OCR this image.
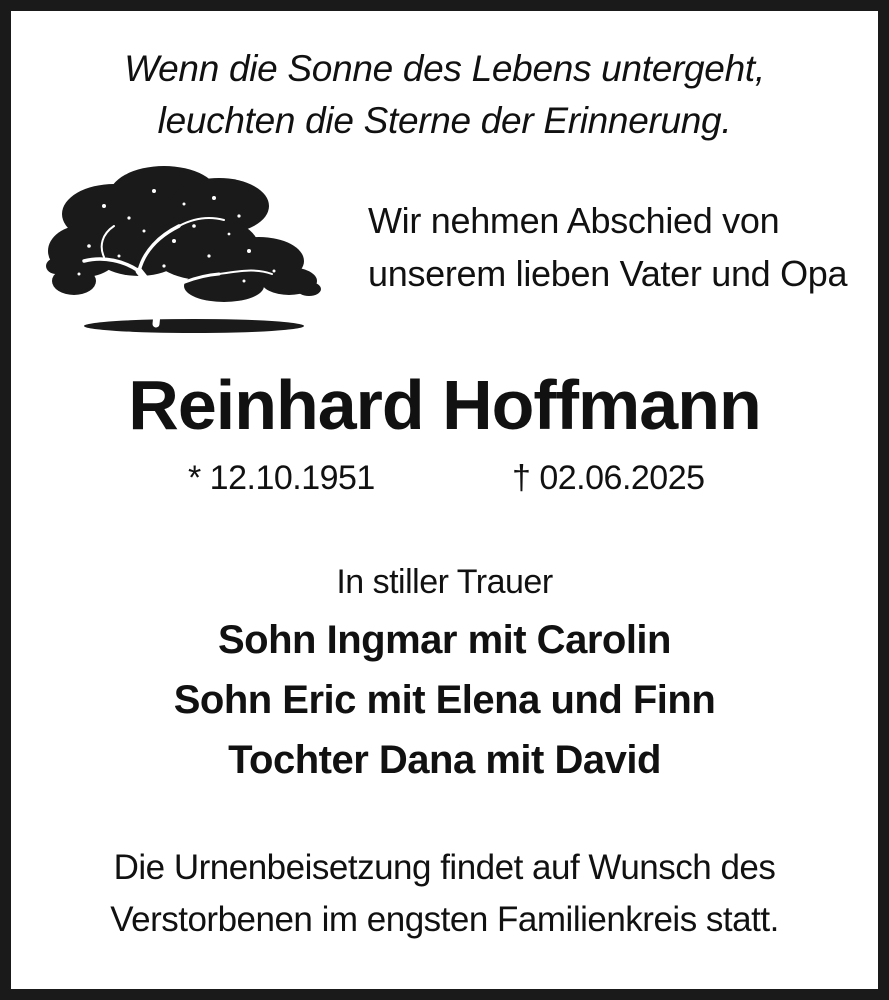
Wenn die Sonne des Lebens untergeht,
leuchten die Sterne der Erinnerung.
Wir nehmen Abschied von
unserem lieben Vater und Opa
Reinhard Hoffmann
* 12.10.1951	† 02.06.2025
In stiller Trauer
Sohn Ingmar mit Carolin
Sohn Eric mit Elena und Finn
Tochter Dana mit David
Die Urnenbeisetzung findet auf Wunsch des
Verstorbenen im engsten Familienkreis statt.
